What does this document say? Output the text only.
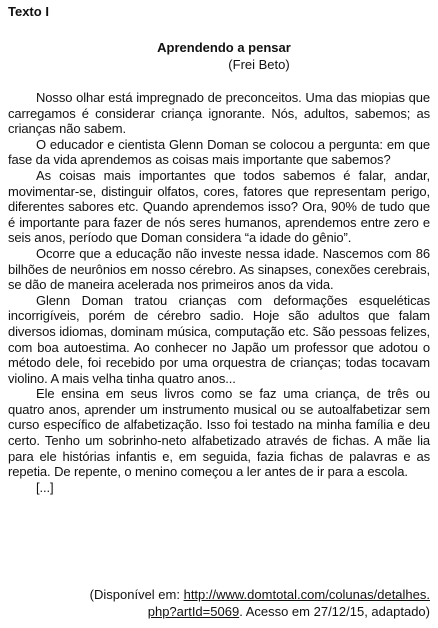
Texto I
Aprendendo a pensar
(Frei Beto)

Nosso olhar está impregnado de preconceitos. Uma das miopias que carregamos é considerar criança ignorante. Nós, adultos, sabemos; as crianças não sabem.

O educador e cientista Glenn Doman se colocou a pergunta: em que fase da vida aprendemos as coisas mais importante que sabemos?

As coisas mais importantes que todos sabemos é falar, andar, movimentar-se, distinguir olfatos, cores, fatores que representam perigo, diferentes sabores etc. Quando aprendemos isso? Ora, 90% de tudo que é importante para fazer de nós seres humanos, aprendemos entre zero e seis anos, período que Doman considera “a idade do gênio”.

Ocorre que a educação não investe nessa idade. Nascemos com 86 bilhões de neurônios em nosso cérebro. As sinapses, conexões cerebrais, se dão de maneira acelerada nos primeiros anos da vida.

Glenn Doman tratou crianças com deformações esqueléticas incorrigíveis, porém de cérebro sadio. Hoje são adultos que falam diversos idiomas, dominam música, computação etc. São pessoas felizes, com boa autoestima. Ao conhecer no Japão um professor que adotou o método dele, foi recebido por uma orquestra de crianças; todas tocavam violino. A mais velha tinha quatro anos...

Ele ensina em seus livros como se faz uma criança, de três ou quatro anos, aprender um instrumento musical ou se autoalfabetizar sem curso específico de alfabetização. Isso foi testado na minha família e deu certo. Tenho um sobrinho-neto alfabetizado através de fichas. A mãe lia para ele histórias infantis e, em seguida, fazia fichas de palavras e as repetia. De repente, o menino começou a ler antes de ir para a escola.

[...]

(Disponível em: http://www.domtotal.com/colunas/detalhes.
php?artId=5069. Acesso em 27/12/15, adaptado)
